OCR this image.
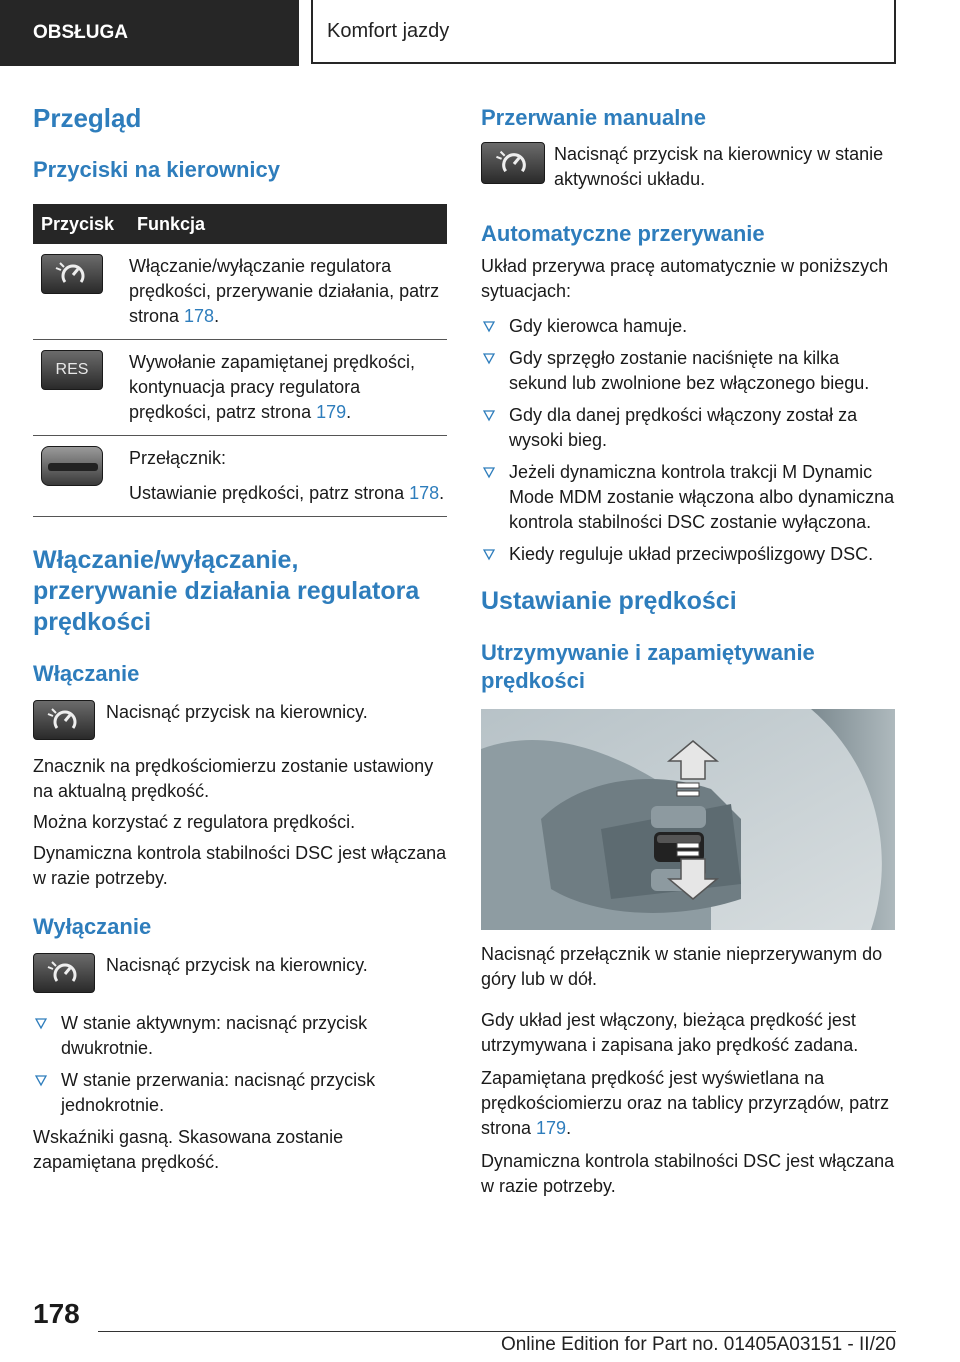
OBSŁUGA	Komfort jazdy
Przegląd
Przyciski na kierownicy
Przycisk	Funkcja

	Włączanie/wyłączanie regulatora prędkości, przerywanie działania, patrz strona 178.

RES	Wywołanie zapamiętanej prędkości, kontynuacja pracy regulatora prędkości, patrz strona 179.

Przełącznik:

Ustawianie prędkości, patrz strona 178.
Włączanie/wyłączanie, przerywanie działania regulatora prędkości
Włączanie

Nacisnąć przycisk na kierownicy.

Znacznik na prędkościomierzu zostanie ustawiony na aktualną prędkość.

Można korzystać z regulatora prędkości.

Dynamiczna kontrola stabilności DSC jest włączana w razie potrzeby.

Wyłączanie

Nacisnąć przycisk na kierownicy.

W stanie aktywnym: nacisnąć przycisk dwukrotnie.
W stanie przerwania: nacisnąć przycisk jednokrotnie.

Wskaźniki gasną. Skasowana zostanie zapamiętana prędkość.

Przerwanie manualne

Nacisnąć przycisk na kierownicy w stanie aktywności układu.

Automatyczne przerywanie

Układ przerywa pracę automatycznie w poniższych sytuacjach:

Gdy kierowca hamuje.
Gdy sprzęgło zostanie naciśnięte na kilka sekund lub zwolnione bez włączonego biegu.
Gdy dla danej prędkości włączony został za wysoki bieg.
Jeżeli dynamiczna kontrola trakcji M Dynamic Mode MDM zostanie włączona albo dynamiczna kontrola stabilności DSC zostanie wyłączona.
Kiedy reguluje układ przeciwpoślizgowy DSC.
Ustawianie prędkości
Utrzymywanie i zapamiętywanie prędkości

Nacisnąć przełącznik w stanie nieprzerywanym do góry lub w dół.

Gdy układ jest włączony, bieżąca prędkość jest utrzymywana i zapisana jako prędkość zadana.

Zapamiętana prędkość jest wyświetlana na prędkościomierzu oraz na tablicy przyrządów, patrz strona 179.

Dynamiczna kontrola stabilności DSC jest włączana w razie potrzeby.

178
Online Edition for Part no. 01405A03151 - II/20
